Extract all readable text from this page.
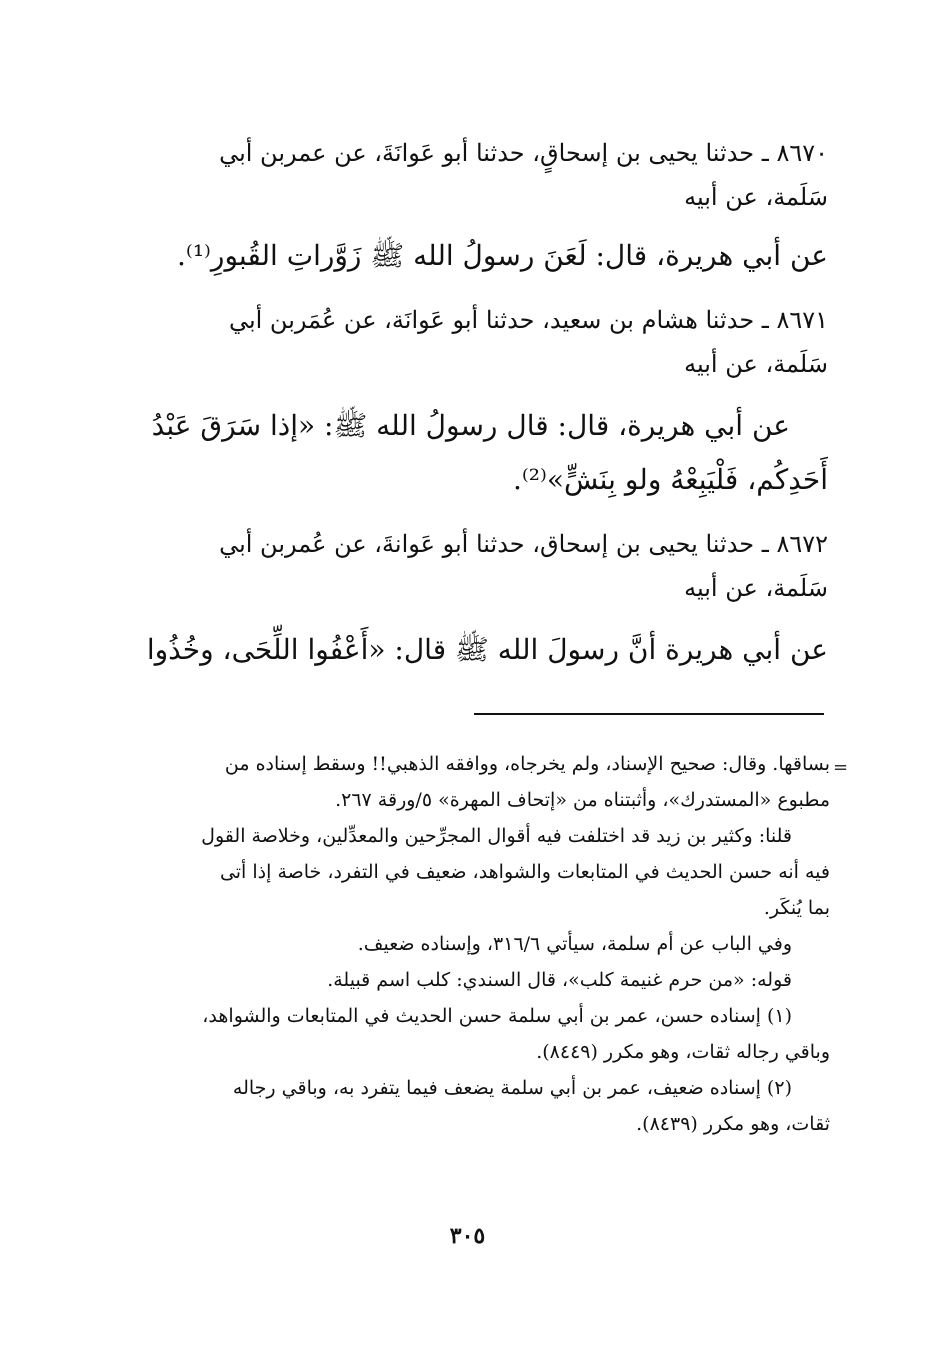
٨٦٧٠ ـ حدثنا يحيى بن إسحاقٍ، حدثنا أبو عَوانَةَ، عن عمربن أبي
سَلَمة، عن أبيه
عن أبي هريرة، قال: لَعَنَ رسولُ الله ﷺ زَوَّراتِ القُبورِ⁽¹⁾.
٨٦٧١ ـ حدثنا هشام بن سعيد، حدثنا أبو عَوانَة، عن عُمَربن أبي
سَلَمة، عن أبيه
عن أبي هريرة، قال: قال رسولُ الله ﷺ: «إذا سَرَقَ عَبْدُ
أَحَدِكُم، فَلْيَبِعْهُ ولو بِنَشٍّ»⁽²⁾.
٨٦٧٢ ـ حدثنا يحيى بن إسحاق، حدثنا أبو عَوانةَ، عن عُمربن أبي
سَلَمة، عن أبيه
عن أبي هريرة أنَّ رسولَ الله ﷺ قال: «أَعْفُوا اللِّحَى، وخُذُوا
=
بساقها. وقال: صحيح الإسناد، ولم يخرجاه، ووافقه الذهبي!! وسقط إسناده من
مطبوع «المستدرك»، وأثبتناه من «إتحاف المهرة» ٥/ورقة ٢٦٧.
قلنا: وكثير بن زيد قد اختلفت فيه أقوال المجرِّحين والمعدِّلين، وخلاصة القول
فيه أنه حسن الحديث في المتابعات والشواهد، ضعيف في التفرد، خاصة إذا أتى
بما يُنكَر.
وفي الباب عن أم سلمة، سيأتي ٣١٦/٦، وإسناده ضعيف.
قوله: «من حرم غنيمة كلب»، قال السندي: كلب اسم قبيلة.
(١) إسناده حسن، عمر بن أبي سلمة حسن الحديث في المتابعات والشواهد،
وباقي رجاله ثقات، وهو مكرر (٨٤٤٩).
(٢) إسناده ضعيف، عمر بن أبي سلمة يضعف فيما يتفرد به، وباقي رجاله
ثقات، وهو مكرر (٨٤٣٩).
٣٠٥
